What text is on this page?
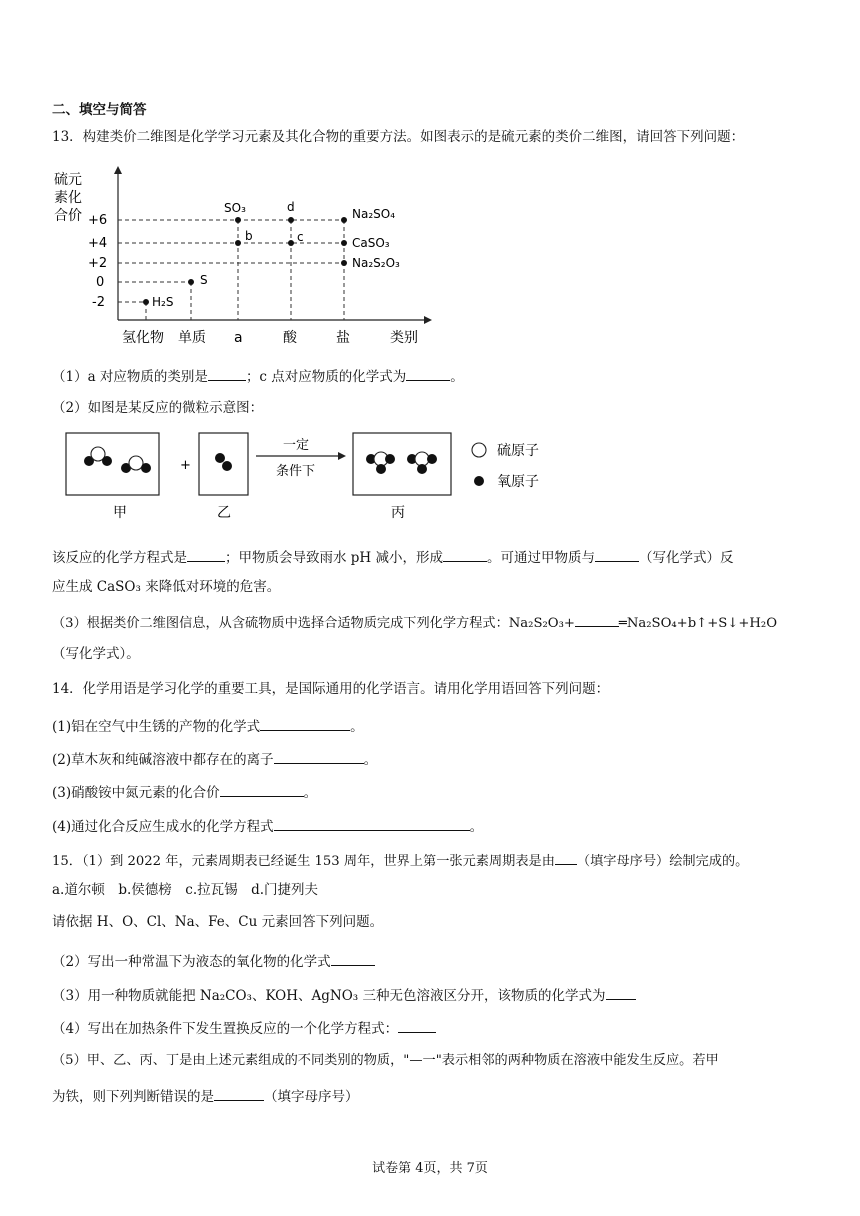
二、填空与简答
13．构建类价二维图是化学学习元素及其化合物的重要方法。如图表示的是硫元素的类价二维图，请回答下列问题：
硫元
素化
合价 +6
+4
+2
0
-2	H₂S
S
SO₃
b
d
c
Na₂SO₄
CaSO₃
Na₂S₂O₃
氢化物 单质 a	酸	盐	类别
（1）a 对应物质的类别是	；c 点对应物质的化学式为	。
（2）如图是某反应的微粒示意图：
+
一定
条件下
硫原子
氧原子
甲	乙	丙
该反应的化学方程式是	；甲物质会导致雨水 pH 减小，形成	。可通过甲物质与	（写化学式）反
应生成 CaSO₃ 来降低对环境的危害。
（3）根据类价二维图信息，从含硫物质中选择合适物质完成下列化学方程式：Na₂S₂O₃+	═Na₂SO₄+b↑+S↓+H₂O
（写化学式）。
14．化学用语是学习化学的重要工具，是国际通用的化学语言。请用化学用语回答下列问题：
(1)铝在空气中生锈的产物的化学式	。
(2)草木灰和纯碱溶液中都存在的离子	。
(3)硝酸铵中氮元素的化合价	。
(4)通过化合反应生成水的化学方程式	。
15．（1）到 2022 年，元素周期表已经诞生 153 周年，世界上第一张元素周期表是由 （填字母序号）绘制完成的。
a.道尔顿　b.侯德榜　c.拉瓦锡　d.门捷列夫
请依据 H、O、Cl、Na、Fe、Cu 元素回答下列问题。
（2）写出一种常温下为液态的氧化物的化学式
（3）用一种物质就能把 Na₂CO₃、KOH、AgNO₃ 三种无色溶液区分开，该物质的化学式为
（4）写出在加热条件下发生置换反应的一个化学方程式：
（5）甲、乙、丙、丁是由上述元素组成的不同类别的物质，"—一"表示相邻的两种物质在溶液中能发生反应。若甲
为铁，则下列判断错误的是	（填字母序号）
试卷第 4页，共 7页
